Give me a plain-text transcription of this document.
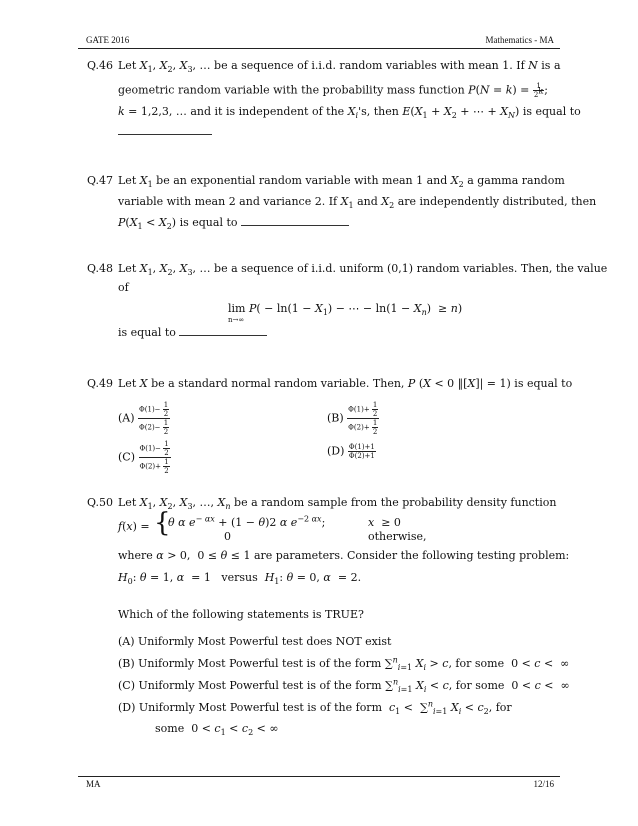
GATE 2016	Mathematics - MA
Q.46 Let $X_1$, $X_2$, $X_3$, … be a sequence of i.i.d. random variables with mean 1. If N is a
geometric random variable with the probability mass function $P(N = k) = \frac{1}{2^k}$ ;
k = 1,2,3, … and it is independent of the $X_i's$, then $E(X_1 + X_2$ + ⋯ + $X_N$) is equal to
Q.47 Let $X_1$ be an exponential random variable with mean 1 and $X_2$ a gamma random
variable with mean 2 and variance 2. If $X_1$ and $X_2$ are independently distributed, then
$P(X_1 < X_2)$ is equal to
Q.48 Let $X_1$, $X_2$, $X_3$, … be a sequence of i.i.d. uniform (0,1) random variables. Then, the value
of
lim
n→∞
$P( - \ln(1 - X_1)$ − ⋯ − $\ln(1 - X_n) \ge n$)
is equal to
Q.49 Let X be a standard normal random variable. Then, P (X < 0 ‖[X]| = 1) is equal to
$(A) \frac{\Phi(1)- \frac{1}{2}}{\Phi(2)- \frac{1}{2}}$	$(B) \frac{\Phi(1)+ \frac{1}{2}}{\Phi(2)+ \frac{1}{2}}$
$(C) \frac{\Phi(1)- \frac{1}{2}}{\Phi(2)+ \frac{1}{2}}$	$(D) \frac{\Phi(1)+1}{\Phi(2)+1}$
Q.50 Let $X_1$, $X_2$, $X_3$, …, $X_n$ be a random sample from the probability density function
f(x) = {
θ α $e^{- \alpha x} + (1 - \theta)2$ α $e^{-2 \alpha x}$;
0
x  ≥ 0
otherwise,
where α > 0,  0 ≤ θ ≤ 1 are parameters. Consider the following testing problem:
$H_0$: θ = 1, α  = 1   versus  $H_1$: θ = 0, α  = 2.
Which of the following statements is TRUE?
(A) Uniformly Most Powerful test does NOT exist
(B) Uniformly Most Powerful test is of the form ∑$^n_{i=1}$ $X_i > c$, for some  0 < c <  ∞
(C) Uniformly Most Powerful test is of the form ∑$^n_{i=1}$ $X_i < c$, for some  0 < c <  ∞
(D) Uniformly Most Powerful test is of the form  $c_1 < \sum^n_{i=1}$ $X_i < c_2$, for
some  $0 < c_1 < c_2$ < ∞
MA	12/16
